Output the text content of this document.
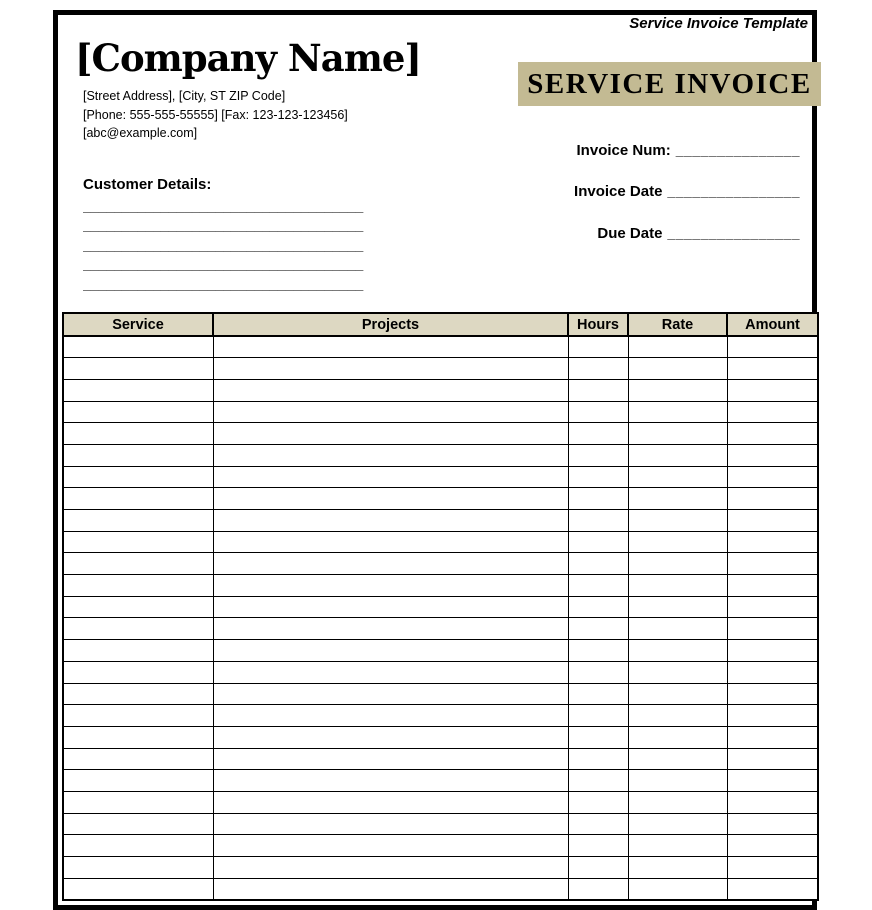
Service Invoice Template
[Company Name]
[Street Address], [City, ST ZIP Code]
[Phone: 555-555-55555] [Fax: 123-123-123456]
[abc@example.com]
SERVICE INVOICE
Invoice Num: _______________
Invoice Date ________________
Due Date ________________
Customer Details:
____________________________________
____________________________________
____________________________________
____________________________________
____________________________________
Service	Projects	Hours	Rate	Amount
